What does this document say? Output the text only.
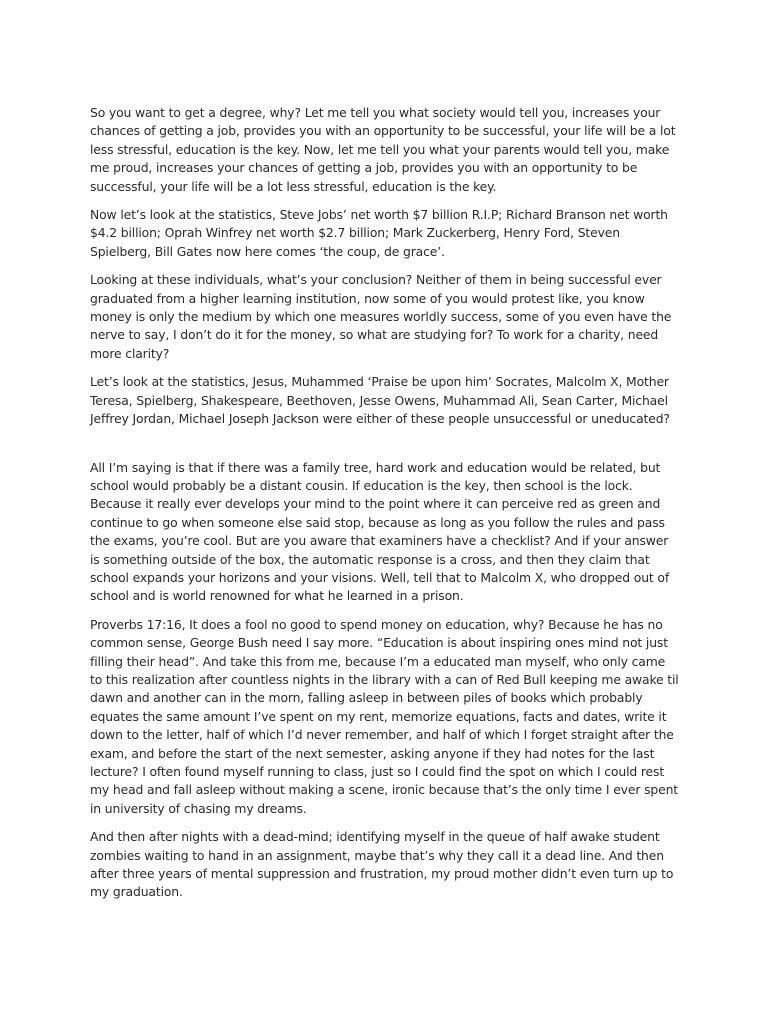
So you want to get a degree, why? Let me tell you what society would tell you, increases your chances of getting a job, provides you with an opportunity to be successful, your life will be a lot less stressful, education is the key. Now, let me tell you what your parents would tell you, make me proud, increases your chances of getting a job, provides you with an opportunity to be successful, your life will be a lot less stressful, education is the key.

Now let’s look at the statistics, Steve Jobs’ net worth $7 billion R.I.P; Richard Branson net worth $4.2 billion; Oprah Winfrey net worth $2.7 billion; Mark Zuckerberg, Henry Ford, Steven Spielberg, Bill Gates now here comes ‘the coup, de grace’.

Looking at these individuals, what’s your conclusion? Neither of them in being successful ever graduated from a higher learning institution, now some of you would protest like, you know money is only the medium by which one measures worldly success, some of you even have the nerve to say, I don’t do it for the money, so what are studying for? To work for a charity, need more clarity?

Let’s look at the statistics, Jesus, Muhammed ‘Praise be upon him’ Socrates, Malcolm X, Mother Teresa, Spielberg, Shakespeare, Beethoven, Jesse Owens, Muhammad Ali, Sean Carter, Michael Jeffrey Jordan, Michael Joseph Jackson were either of these people unsuccessful or uneducated?

All I’m saying is that if there was a family tree, hard work and education would be related, but school would probably be a distant cousin. If education is the key, then school is the lock. Because it really ever develops your mind to the point where it can perceive red as green and continue to go when someone else said stop, because as long as you follow the rules and pass the exams, you’re cool. But are you aware that examiners have a checklist? And if your answer is something outside of the box, the automatic response is a cross, and then they claim that school expands your horizons and your visions. Well, tell that to Malcolm X, who dropped out of school and is world renowned for what he learned in a prison.

Proverbs 17:16, It does a fool no good to spend money on education, why? Because he has no common sense, George Bush need I say more. “Education is about inspiring ones mind not just filling their head”. And take this from me, because I’m a educated man myself, who only came to this realization after countless nights in the library with a can of Red Bull keeping me awake til dawn and another can in the morn, falling asleep in between piles of books which probably equates the same amount I’ve spent on my rent, memorize equations, facts and dates, write it down to the letter, half of which I’d never remember, and half of which I forget straight after the exam, and before the start of the next semester, asking anyone if they had notes for the last lecture? I often found myself running to class, just so I could find the spot on which I could rest my head and fall asleep without making a scene, ironic because that’s the only time I ever spent in university of chasing my dreams.

And then after nights with a dead-mind; identifying myself in the queue of half awake student zombies waiting to hand in an assignment, maybe that’s why they call it a dead line. And then after three years of mental suppression and frustration, my proud mother didn’t even turn up to my graduation.
